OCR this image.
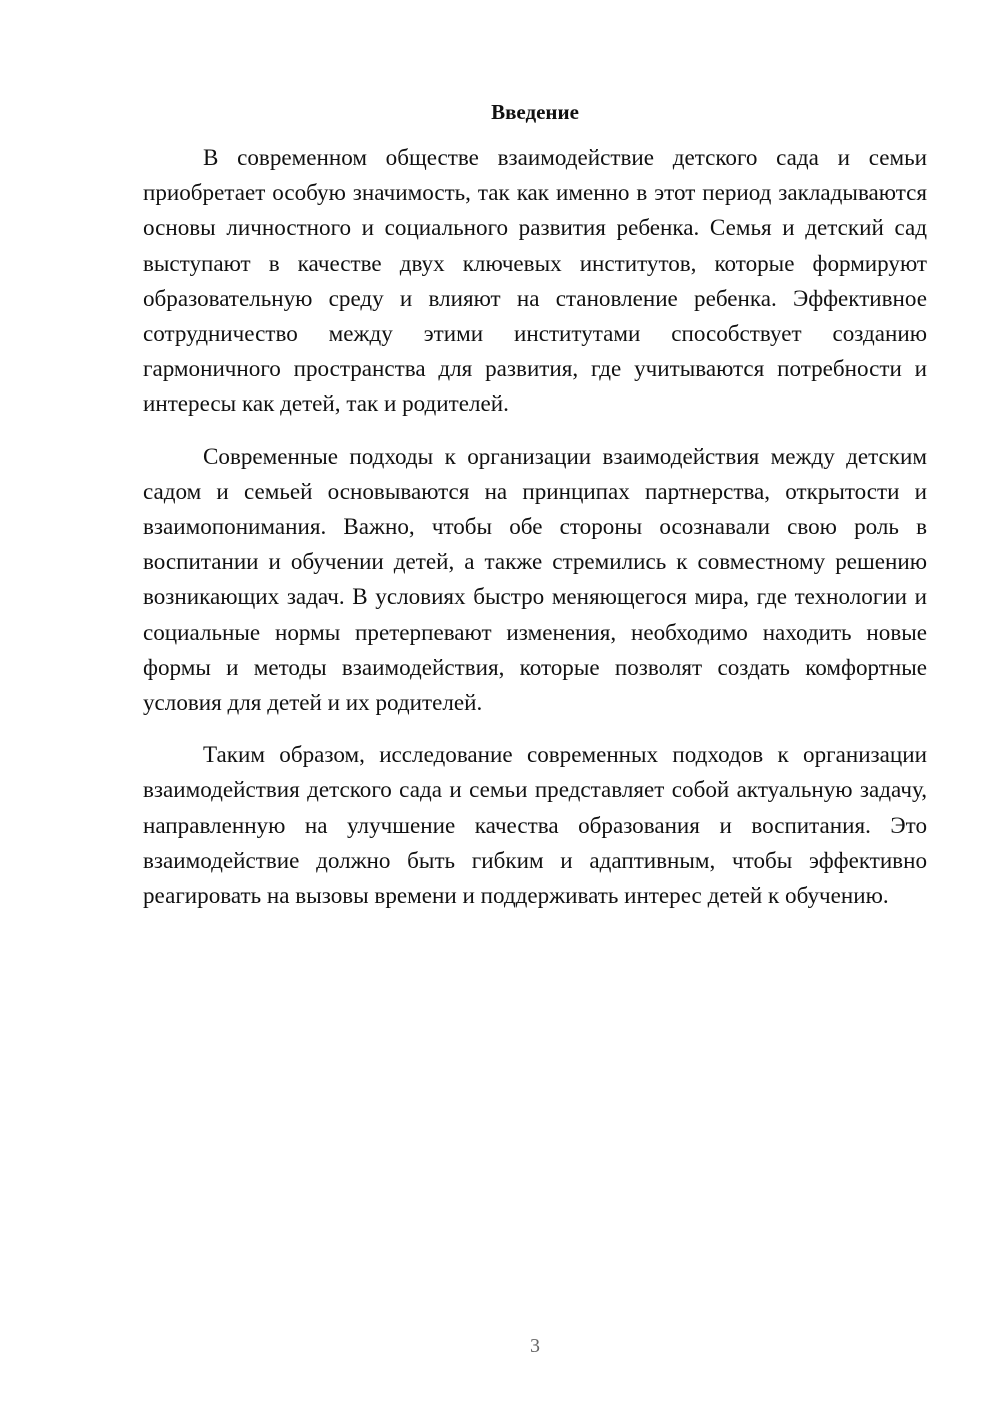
Введение

В современном обществе взаимодействие детского сада и семьи приобретает особую значимость, так как именно в этот период закладываются основы личностного и социального развития ребенка. Семья и детский сад выступают в качестве двух ключевых институтов, которые формируют образовательную среду и влияют на становление ребенка. Эффективное сотрудничество между этими институтами способствует созданию гармоничного пространства для развития, где учитываются потребности и интересы как детей, так и родителей.

Современные подходы к организации взаимодействия между детским садом и семьей основываются на принципах партнерства, открытости и взаимопонимания. Важно, чтобы обе стороны осознавали свою роль в воспитании и обучении детей, а также стремились к совместному решению возникающих задач. В условиях быстро меняющегося мира, где технологии и социальные нормы претерпевают изменения, необходимо находить новые формы и методы взаимодействия, которые позволят создать комфортные условия для детей и их родителей.

Таким образом, исследование современных подходов к организации взаимодействия детского сада и семьи представляет собой актуальную задачу, направленную на улучшение качества образования и воспитания. Это взаимодействие должно быть гибким и адаптивным, чтобы эффективно реагировать на вызовы времени и поддерживать интерес детей к обучению.

3
